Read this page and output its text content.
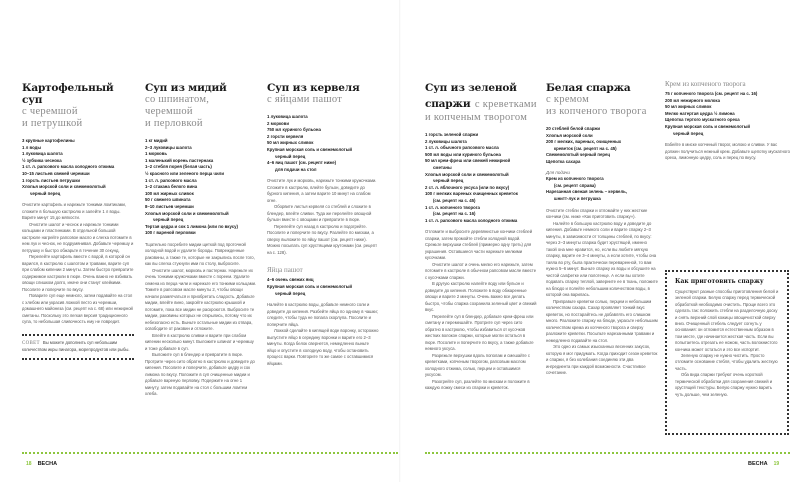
Картофельный суп
с черемшой
и петрушкой
3 крупные картофелины
1 л воды
1 луковица шалота
½ зубчика чеснока
1 ст. л. рапсового масла холодного отжима
10–15 листьев свежей черемши
1 горсть листьев петрушки
Хлопья морской соли и свежемолотый
черный перец

Очистите картофель и нарежьте тонкими ломтиками, сложите в большую кастрюлю и залейте 1 л воды. Варите минут 15 до мягкости.

Очистите шалот и чеснок и нарежьте тонкими кольцами и пластинками. В отдельной большой кастрюле нагрейте рапсовое масло и слегка потомите в нем лук и чеснок, не подрумянивая. Добавьте черемшу и петрушку и быстро обжарьте в течение 30 секунд.

Перелейте картофель вместе с водой, в которой он варился, в кастрюлю с шалотом и травами, варите суп при слабом кипении 2 минуты. Затем быстро превратите содержимое кастрюли в пюре. Очень важно не взбивать овощи слишком долго, иначе они станут клейкими. Посолите и поперчите по вкусу.

Поварите суп еще немного, затем подавайте на стол с хлебом или украсив ложкой песто из черемши, домашнего майонеза (см. рецепт на с. 68) или нежирной сметаны. Поскольку это легкая версия традиционного супа, то небольшая сливочность ему не повредит.

СОВЕТ Вы можете дополнить суп небольшим количеством икры пинагора, морепродуктов или рыбы.
Суп из мидий
со шпинатом,
черемшой
и перловкой
1 кг мидий
2–3 луковицы шалота
1 морковь
1 маленький корень пастернака
1–2 стебля порея (белая часть)
½ красного или зеленого перца чили
1 ст. л. рапсового масла
1–2 стакана белого вина
100 мл жирных сливок
50 г свежего шпината
8–10 листьев черемши
Хлопья морской соли и свежемолотый
черный перец
Тертая цедра и сок 1 лимона (или по вкусу)
100 г вареной перловки

Тщательно посребите мидии щеткой под проточной холодной водой и удалите бороды. Поврежденные раковины, а также те, которые не закрылись после того, как вы слегка стукнули ими по столу, выбросите.

Очистите шалот, морковь и пастернак. Нарежьте их очень тонкими кружочками вместе с пореем. Удалите семена из перца чили и нарежьте его тонкими кольцами. Томите в рапсовом масле минуты 2, чтобы овощи начали размягчаться и приобретать сладость. Добавьте мидии, влейте вино, закройте кастрюлю крышкой и потомите, пока все мидии не раскроются. Выбросите те мидии, раковины которых не открылись, потому что их небезопасно есть. Выньте остальные мидии из отвара, освободите от раковин и отложите.

Влейте в кастрюлю сливки и варите при слабом кипении несколько минут. Выложите шпинат и черемшу и тоже добавьте в суп.

Выложите суп в блендер и превратите в пюре. Протрите через сито обратно в кастрюлю и доведите до кипения. Посолите и поперчите, добавьте цедру и сок лимона по вкусу. Положите в суп очищенные мидии и добавьте вареную перловку. Подержите на огне 1 минуту, затем подавайте на стол с большим ломтем хлеба.

Суп из кервеля
с яйцами пашот
1 луковица шалота
2 моркови
750 мл куриного бульона
2 горсти кервеля
50 мл жирных сливок
Крупная морская соль и свежемолотый
черный перец
4–6 яиц пашот (см. рецепт ниже)
для подачи на стол

Очистите лук и морковь, нарежьте тонкими кружочками. Сложите в кастрюлю, влейте бульон, доведите до бурного кипения, а затем варите 10 минут на слабом огне.

Оборвите листья кервеля со стеблей и сложите в блендер, влейте сливки. Туда же перелейте овощной бульон вместе с овощами и превратите в пюре.

Перелейте суп назад в кастрюлю и подогрейте. Посолите и поперчите по вкусу. Разлейте по мискам, а сверху выложите по яйцу пашот (см. рецепт ниже). Можно посыпать суп хрустящими крутонами (см. рецепт на с. 128).

Яйца пашот
4–6 очень свежих яиц
Крупная морская соль и свежемолотый
черный перец

Налейте в кастрюлю воды, добавьте немного соли и доведите до кипения. Разбейте яйца по одному в чашки; следите, чтобы туда не попала скорлупа. Посолите и поперчите яйца.

Ложкой сделайте в кипящей воде воронку, осторожно выпустите яйцо в середину воронки и варите его 2–3 минуты. Когда белок свернется, немедленно выньте яйцо и опустите в холодную воду, чтобы остановить процесс варки. Повторите то же самое с оставшимися яйцами.

Суп из зеленой
спаржи с креветками
и копченым творогом
1 горсть зеленой спаржи
2 луковицы шалота
1 ст. л. обычного рапсового масла
500 мл воды или куриного бульона
50 мл крем-фреш или свежей нежирной
сметаны
Хлопья морской соли и свежемолотый
черный перец
2 ст. л. яблочного уксуса (или по вкусу)
100 г мелких вареных очищенных креветок
(см. рецепт на с. 45)
1 ст. л. копченого творога
(см. рецепт на с. 16)
1 ст. л. рапсового масла холодного отжима

Отломите и выбросите деревянистые кончики стеблей спаржи, затем промойте стебли холодной водой. Срежьте верхушки стеблей (примерно одну треть) для украшения. Оставшиеся части нарежьте мелкими кусочками.

Очистите шалот и очень мелко его нарежьте, затем потомите в кастрюле в обычном рапсовом масле вместе с кусочками спаржи.

В другую кастрюлю налейте воду или бульон и доведите до кипения. Положите в воду обжаренные овощи и варите 2 минуты. Очень важно все делать быстро, чтобы спаржа сохранила зеленый цвет и свежий вкус.

Перелейте суп в блендер, добавьте крем-фреш или сметану и перемешайте. Протрите суп через сито обратно в кастрюлю, чтобы избавиться от кусочков жестких волокон спаржи, которые могли остаться в пюре. Посолите и поперчите по вкусу, а также добавьте немного уксуса.

Разрежьте верхушки вдоль пополам и смешайте с креветками, копченым творогом, рапсовым маслом холодного отжима, солью, перцем и оставшимся уксусом.

Разогрейте суп, разлейте по мискам и положите в каждую ложку смеси из спаржи и креветок.

Белая спаржа
с кремом
из копченого творога
20 стеблей белой спаржи
Хлопья морской соли
200 г мелких, вареных, очищенных
креветок (см. рецепт на с. 45)
Свежемолотый черный перец
Щепотка сахара
Для подачи
Крем из копченого творога
(см. рецепт справа)
Нарезанная свежая зелень – кервель,
шнитт-лук и петрушка

Очистите стебли спаржи и отломайте у них жесткие кончики (см. ниже «Как приготовить спаржу»).

Налейте в большую кастрюлю воду и доведите до кипения. Добавьте немного соли и варите спаржу 2–3 минуты, в зависимости от толщины стеблей, по вкусу: через 2–3 минуты спаржа будет хрустящей, именно такой она мне нравится, но, если вы любите мягкую спаржу, варите ее 3–4 минуты, а если хотите, чтобы она таяла во рту, была практически переваренной, то вам нужно 5–6 минут. Выньте спаржу из воды и обсушите на чистой салфетке или полотенце. А если вы хотите подавать спаржу теплой, заверните ее в ткань, положите на блюдо и полейте небольшим количеством воды, в которой она варилась.

Приправьте креветки солью, перцем и небольшим количеством сахара. Сахар проявляет тонкий вкус креветок, но постарайтесь не добавлять его слишком много. Разложите спаржу на блюде, украсьте небольшим количеством крема из копченого творога и сверху разложите креветки. Посыпьте нарезанными травами и немедленно подавайте на стол.

Это одно из самых изысканных весенних закусок, которую я мог придумать. Когда приходит сезон креветок и спаржи, я без колебания соединяю эти два ингредиента при каждой возможности. Счастливое сочетание.

Крем из копченого творога
75 г копченого творога (см. рецепт на с. 16)
200 мл нежирного молока
50 мл жирных сливок
Мелко натертая цедра ½ лимона
Щепотка тертого мускатного ореха
Крупная морская соль и свежемолотый
черный перец

Взбейте в миске копченый творог, молоко и сливки. У вас должен получиться нежный крем. Добавьте щепотку мускатного ореха, лимонную цедру, соль и перец по вкусу.

Как приготовить спаржу

Существуют разные способы приготовления белой и зеленой спаржи. Белую спаржу перед термической обработкой необходимо очистить. Проще всего это сделать так: положить стебли на разделочную доску и снять верхний слой кожицы овощечисткой сверху вниз. Очищенный стебель следует согнуть у основания: он отломится естественным образом в том месте, где начинается жесткая часть. Если вы попытаетесь отрезать ее ножом, часть волокнистого кончика может остаться и это все испортит.

Зеленую спаржу не нужно чистить. Просто отломите основание стебля, чтобы удалить жесткую часть.

Оба вида спаржи требуют очень короткой термической обработки для сохранения свежей и хрустящей текстуры. Белую спаржу нужно варить чуть дольше, чем зеленую.

18 ВЕСНА	ВЕСНА 19
